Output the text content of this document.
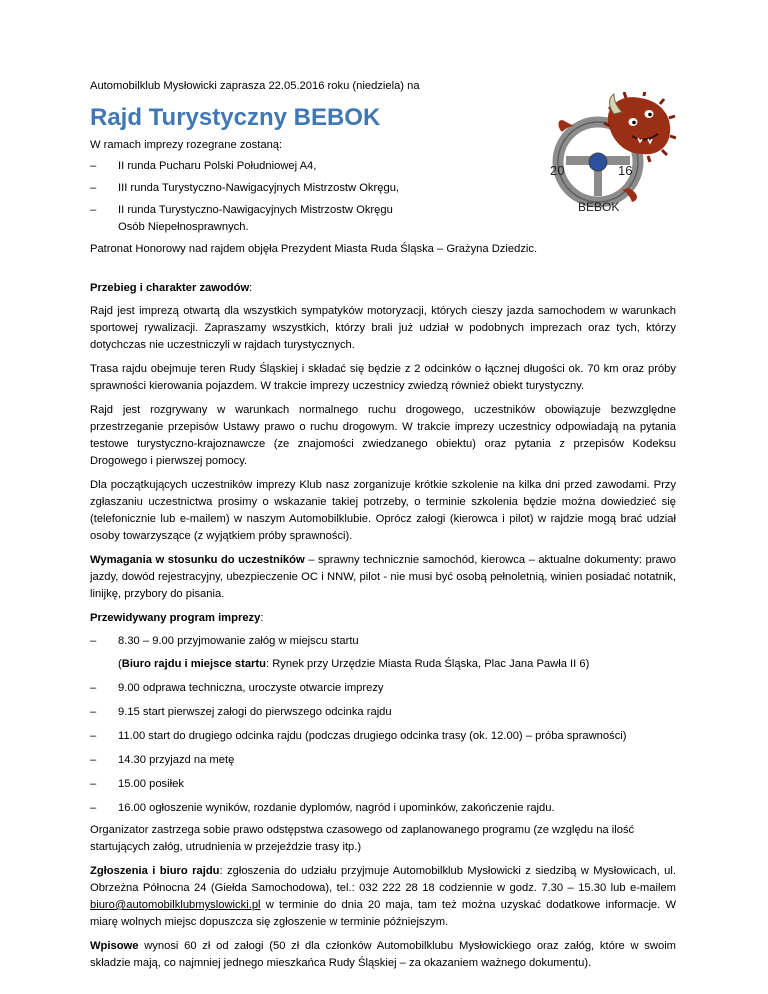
20	16
BEBOK

Automobilklub Mysłowicki zaprasza 22.05.2016 roku (niedziela) na

Rajd Turystyczny BEBOK

W ramach imprezy rozegrane zostaną:

– II runda Pucharu Polski Południowej A4,
– III runda Turystyczno-Nawigacyjnych Mistrzostw Okręgu,
– II runda Turystyczno-Nawigacyjnych Mistrzostw Okręgu Osób Niepełnosprawnych.

Patronat Honorowy nad rajdem objęła Prezydent Miasta Ruda Śląska – Grażyna Dziedzic.

Przebieg i charakter zawodów:

Rajd jest imprezą otwartą dla wszystkich sympatyków motoryzacji, których cieszy jazda samochodem w warunkach sportowej rywalizacji. Zapraszamy wszystkich, którzy brali już udział w podobnych imprezach oraz tych, którzy dotychczas nie uczestniczyli w rajdach turystycznych.

Trasa rajdu obejmuje teren Rudy Śląskiej i składać się będzie z 2 odcinków o łącznej długości ok. 70 km oraz próby sprawności kierowania pojazdem. W trakcie imprezy uczestnicy zwiedzą również obiekt turystyczny.

Rajd jest rozgrywany w warunkach normalnego ruchu drogowego, uczestników obowiązuje bezwzględne przestrzeganie przepisów Ustawy prawo o ruchu drogowym. W trakcie imprezy uczestnicy odpowiadają na pytania testowe turystyczno-krajoznawcze (ze znajomości zwiedzanego obiektu) oraz pytania z przepisów Kodeksu Drogowego i pierwszej pomocy.

Dla początkujących uczestników imprezy Klub nasz zorganizuje krótkie szkolenie na kilka dni przed zawodami. Przy zgłaszaniu uczestnictwa prosimy o wskazanie takiej potrzeby, o terminie szkolenia będzie można dowiedzieć się (telefonicznie lub e-mailem) w naszym Automobilklubie. Oprócz załogi (kierowca i pilot) w rajdzie mogą brać udział osoby towarzyszące (z wyjątkiem próby sprawności).

Wymagania w stosunku do uczestników – sprawny technicznie samochód, kierowca – aktualne dokumenty: prawo jazdy, dowód rejestracyjny, ubezpieczenie OC i NNW, pilot - nie musi być osobą pełnoletnią, winien posiadać notatnik, linijkę, przybory do pisania.

Przewidywany program imprezy:

– 8.30 – 9.00 przyjmowanie załóg w miejscu startu
(Biuro rajdu i miejsce startu: Rynek przy Urzędzie Miasta Ruda Śląska, Plac Jana Pawła II 6)
– 9.00 odprawa techniczna, uroczyste otwarcie imprezy
– 9.15 start pierwszej załogi do pierwszego odcinka rajdu
– 11.00 start do drugiego odcinka rajdu (podczas drugiego odcinka trasy (ok. 12.00) – próba sprawności)
– 14.30 przyjazd na metę
– 15.00 posiłek
– 16.00 ogłoszenie wyników, rozdanie dyplomów, nagród i upominków, zakończenie rajdu.

Organizator zastrzega sobie prawo odstępstwa czasowego od zaplanowanego programu (ze względu na ilość startujących załóg, utrudnienia w przejeździe trasy itp.)

Zgłoszenia i biuro rajdu: zgłoszenia do udziału przyjmuje Automobilklub Mysłowicki z siedzibą w Mysłowicach, ul. Obrzeżna Północna 24 (Giełda Samochodowa), tel.: 032 222 28 18 codziennie w godz. 7.30 – 15.30 lub e-mailem biuro@automobilklubmyslowicki.pl w terminie do dnia 20 maja, tam też można uzyskać dodatkowe informacje. W miarę wolnych miejsc dopuszcza się zgłoszenie w terminie późniejszym.

Wpisowe wynosi 60 zł od załogi (50 zł dla członków Automobilklubu Mysłowickiego oraz załóg, które w swoim składzie mają, co najmniej jednego mieszkańca Rudy Śląskiej – za okazaniem ważnego dokumentu).
